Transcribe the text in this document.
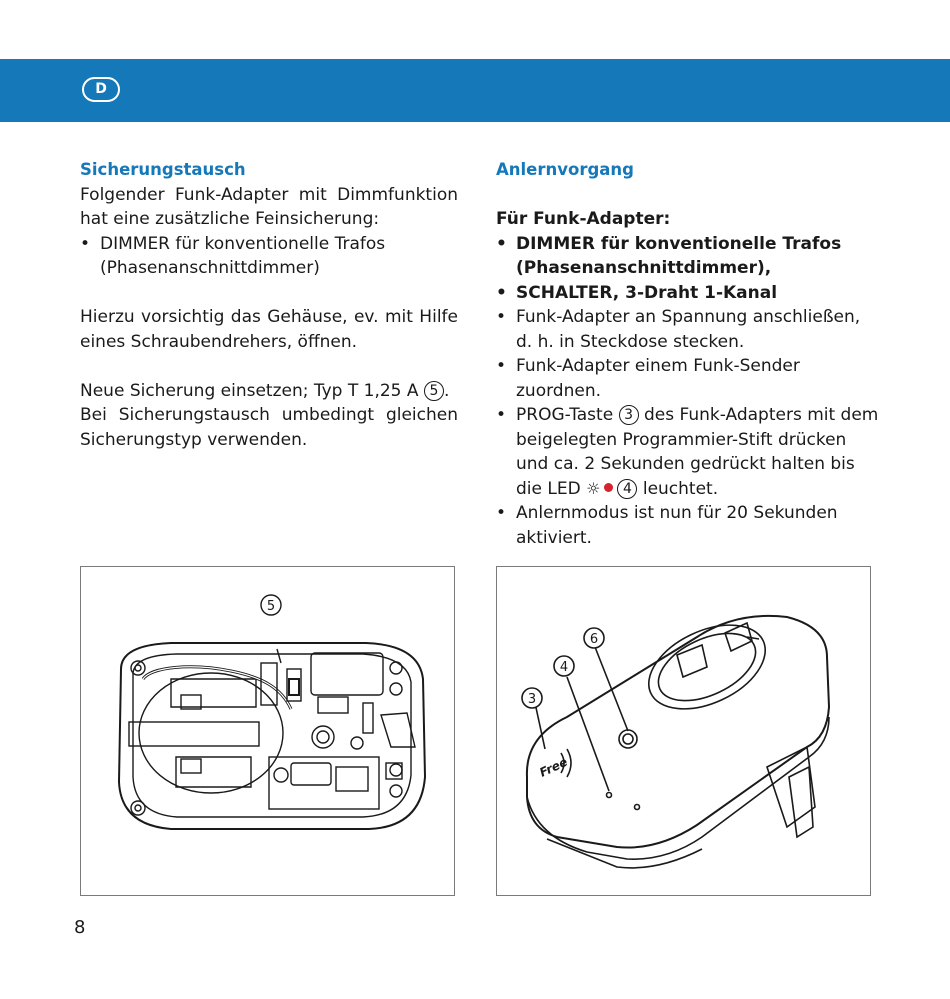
D
Sicherungstausch

Folgender Funk-Adapter mit Dimmfunktion hat eine zusätzliche Feinsicherung:

• DIMMER für konventionelle Trafos (Phasenanschnittdimmer)

Hierzu vorsichtig das Gehäuse, ev. mit Hilfe eines Schraubendrehers, öffnen.

Neue Sicherung einsetzen; Typ T 1,25 A 5 .

Bei Sicherungstausch umbedingt gleichen Sicherungstyp verwenden.

Anlernvorgang

Für Funk-Adapter:

• DIMMER für konventionelle Trafos (Phasenanschnittdimmer),
• SCHALTER, 3-Draht 1-Kanal
• Funk-Adapter an Spannung anschließen, d. h. in Steckdose stecken.
• Funk-Adapter einem Funk-Sender zuordnen.
• PROG-Taste 3 des Funk-Adapters mit dem beigelegten Programmier-Stift drücken und ca. 2 Sekunden gedrückt halten bis die LED ☼ 4 leuchtet.
• Anlernmodus ist nun für 20 Sekunden aktiviert.
5
Free
6
4
3
8
